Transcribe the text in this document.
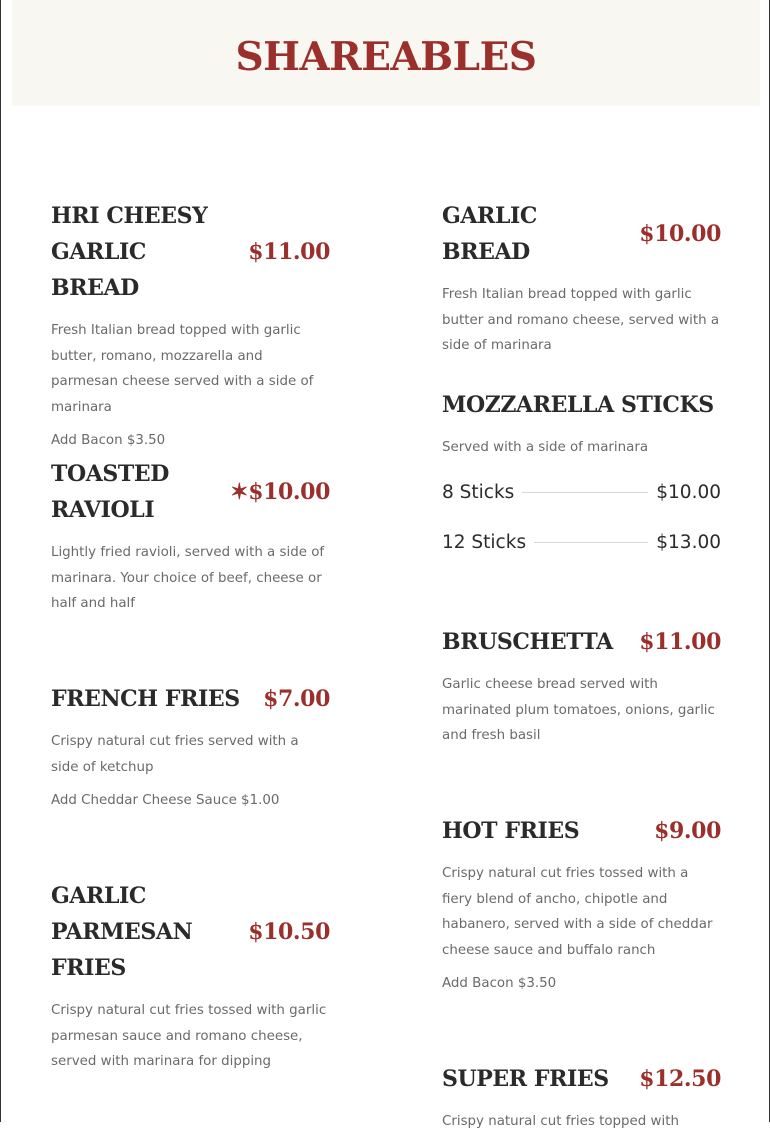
SHAREABLES
HRI CHEESY GARLIC BREAD
$11.00
Fresh Italian bread topped with garlic butter, romano, mozzarella and parmesan cheese served with a side of marinara
Add Bacon $3.50
TOASTED RAVIOLI
✶$10.00
Lightly fried ravioli, served with a side of marinara. Your choice of beef, cheese or half and half
FRENCH FRIES	$7.00
Crispy natural cut fries served with a side of ketchup
Add Cheddar Cheese Sauce $1.00
GARLIC PARMESAN FRIES
$10.50
Crispy natural cut fries tossed with garlic parmesan sauce and romano cheese, served with marinara for dipping
GARLIC BREAD
$10.00
Fresh Italian bread topped with garlic butter and romano cheese, served with a side of marinara
MOZZARELLA STICKS
Served with a side of marinara
8 Sticks	$10.00
12 Sticks	$13.00
BRUSCHETTA	$11.00
Garlic cheese bread served with marinated plum tomatoes, onions, garlic and fresh basil
HOT FRIES	$9.00
Crispy natural cut fries tossed with a fiery blend of ancho, chipotle and habanero, served with a side of cheddar cheese sauce and buffalo ranch
Add Bacon $3.50
SUPER FRIES	$12.50
Crispy natural cut fries topped with
